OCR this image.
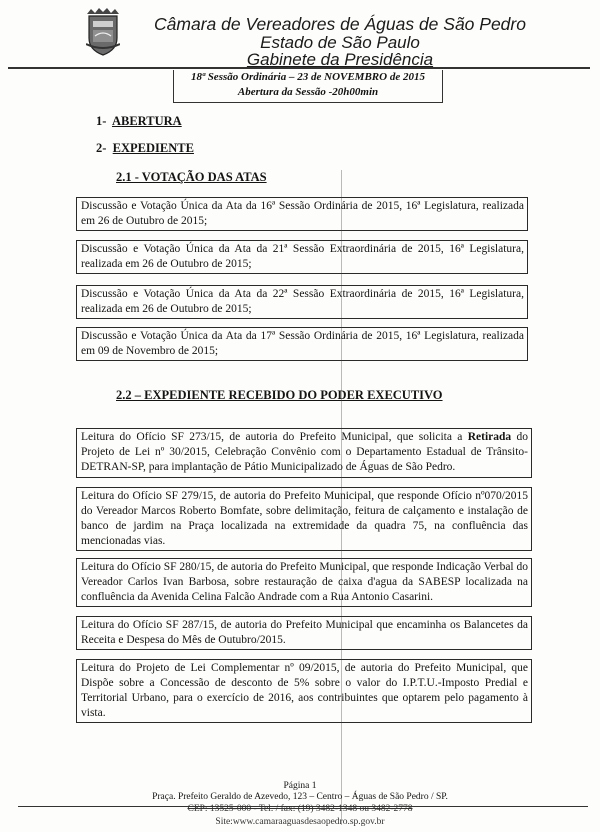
Câmara de Vereadores de Águas de São Pedro
Estado de São Paulo
Gabinete da Presidência
18ª Sessão Ordinária – 23 de NOVEMBRO de 2015
Abertura da Sessão -20h00min
1- ABERTURA
2- EXPEDIENTE
2.1 - VOTAÇÃO DAS ATAS
Discussão e Votação Única da Ata da 16ª Sessão Ordinária de 2015, 16ª Legislatura, realizada em 26 de Outubro de 2015;
Discussão e Votação Única da Ata da 21ª Sessão Extraordinária de 2015, 16ª Legislatura, realizada em 26 de Outubro de 2015;
Discussão e Votação Única da Ata da 22ª Sessão Extraordinária de 2015, 16ª Legislatura, realizada em 26 de Outubro de 2015;
Discussão e Votação Única da Ata da 17ª Sessão Ordinária de 2015, 16ª Legislatura, realizada em 09 de Novembro de 2015;
2.2 – EXPEDIENTE RECEBIDO DO PODER EXECUTIVO
Leitura do Ofício SF 273/15, de autoria do Prefeito Municipal, que solicita a Retirada do Projeto de Lei nº 30/2015, Celebração Convênio com o Departamento Estadual de Trânsito-DETRAN-SP, para implantação de Pátio Municipalizado de Águas de São Pedro.
Leitura do Ofício SF 279/15, de autoria do Prefeito Municipal, que responde Ofício nº070/2015 do Vereador Marcos Roberto Bomfate, sobre delimitação, feitura de calçamento e instalação de banco de jardim na Praça localizada na extremidade da quadra 75, na confluência das mencionadas vias.
Leitura do Ofício SF 280/15, de autoria do Prefeito Municipal, que responde Indicação Verbal do Vereador Carlos Ivan Barbosa, sobre restauração de caixa d'agua da SABESP localizada na confluência da Avenida Celina Falcão Andrade com a Rua Antonio Casarini.
Leitura do Ofício SF 287/15, de autoria do Prefeito Municipal que encaminha os Balancetes da Receita e Despesa do Mês de Outubro/2015.
Leitura do Projeto de Lei Complementar nº 09/2015, de autoria do Prefeito Municipal, que Dispõe sobre a Concessão de desconto de 5% sobre o valor do I.P.T.U.-Imposto Predial e Territorial Urbano, para o exercício de 2016, aos contribuintes que optarem pelo pagamento à vista.
Página 1
Praça. Prefeito Geraldo de Azevedo, 123 – Centro – Águas de São Pedro / SP.
CEP: 13525-000 - Tel. / fax: (19) 3482-1348 ou 3482-2778
Site:www.camaraaguasdesaopedro.sp.gov.br
